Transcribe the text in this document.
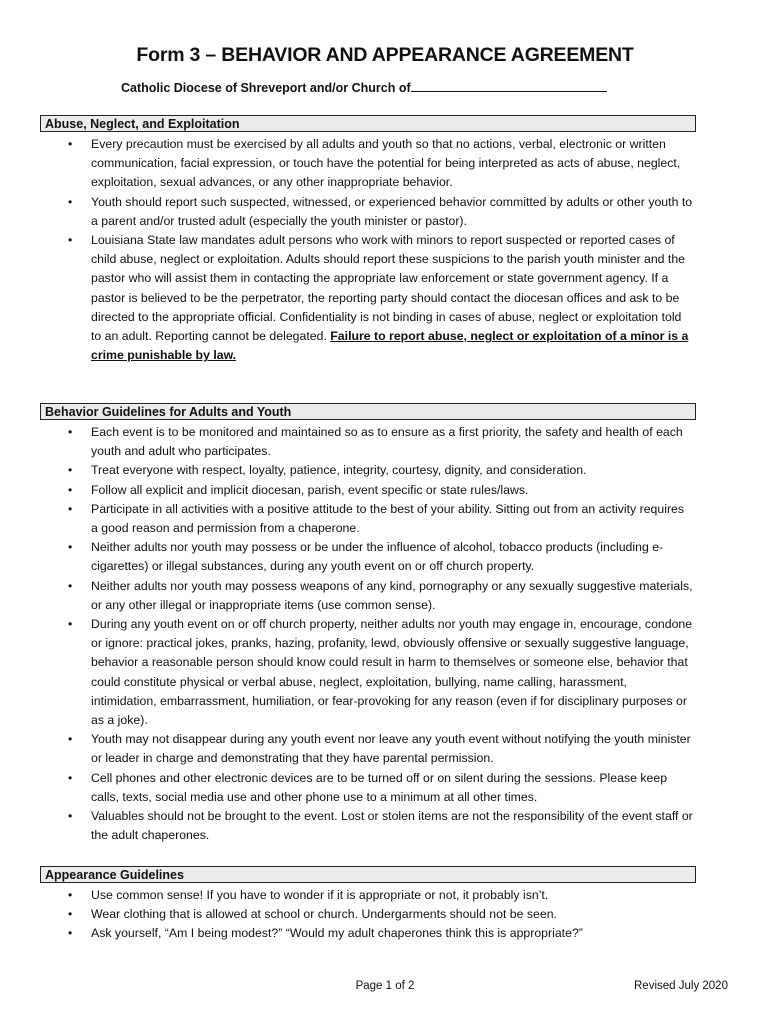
Form 3 – BEHAVIOR AND APPEARANCE AGREEMENT
Catholic Diocese of Shreveport and/or Church of
Abuse, Neglect, and Exploitation
• Every precaution must be exercised by all adults and youth so that no actions, verbal, electronic or written communication, facial expression, or touch have the potential for being interpreted as acts of abuse, neglect, exploitation, sexual advances, or any other inappropriate behavior.
• Youth should report such suspected, witnessed, or experienced behavior committed by adults or other youth to a parent and/or trusted adult (especially the youth minister or pastor).
• Louisiana State law mandates adult persons who work with minors to report suspected or reported cases of child abuse, neglect or exploitation. Adults should report these suspicions to the parish youth minister and the pastor who will assist them in contacting the appropriate law enforcement or state government agency. If a pastor is believed to be the perpetrator, the reporting party should contact the diocesan offices and ask to be directed to the appropriate official. Confidentiality is not binding in cases of abuse, neglect or exploitation told to an adult. Reporting cannot be delegated. Failure to report abuse, neglect or exploitation of a minor is a crime punishable by law.
Behavior Guidelines for Adults and Youth
• Each event is to be monitored and maintained so as to ensure as a first priority, the safety and health of each youth and adult who participates.
• Treat everyone with respect, loyalty, patience, integrity, courtesy, dignity, and consideration.
• Follow all explicit and implicit diocesan, parish, event specific or state rules/laws.
• Participate in all activities with a positive attitude to the best of your ability. Sitting out from an activity requires a good reason and permission from a chaperone.
• Neither adults nor youth may possess or be under the influence of alcohol, tobacco products (including e-cigarettes) or illegal substances, during any youth event on or off church property.
• Neither adults nor youth may possess weapons of any kind, pornography or any sexually suggestive materials, or any other illegal or inappropriate items (use common sense).
• During any youth event on or off church property, neither adults nor youth may engage in, encourage, condone or ignore: practical jokes, pranks, hazing, profanity, lewd, obviously offensive or sexually suggestive language, behavior a reasonable person should know could result in harm to themselves or someone else, behavior that could constitute physical or verbal abuse, neglect, exploitation, bullying, name calling, harassment, intimidation, embarrassment, humiliation, or fear-provoking for any reason (even if for disciplinary purposes or as a joke).
• Youth may not disappear during any youth event nor leave any youth event without notifying the youth minister or leader in charge and demonstrating that they have parental permission.
• Cell phones and other electronic devices are to be turned off or on silent during the sessions. Please keep calls, texts, social media use and other phone use to a minimum at all other times.
• Valuables should not be brought to the event. Lost or stolen items are not the responsibility of the event staff or the adult chaperones.
Appearance Guidelines
• Use common sense! If you have to wonder if it is appropriate or not, it probably isn’t.
• Wear clothing that is allowed at school or church. Undergarments should not be seen.
• Ask yourself, “Am I being modest?” “Would my adult chaperones think this is appropriate?”
Page 1 of 2	Revised July 2020
